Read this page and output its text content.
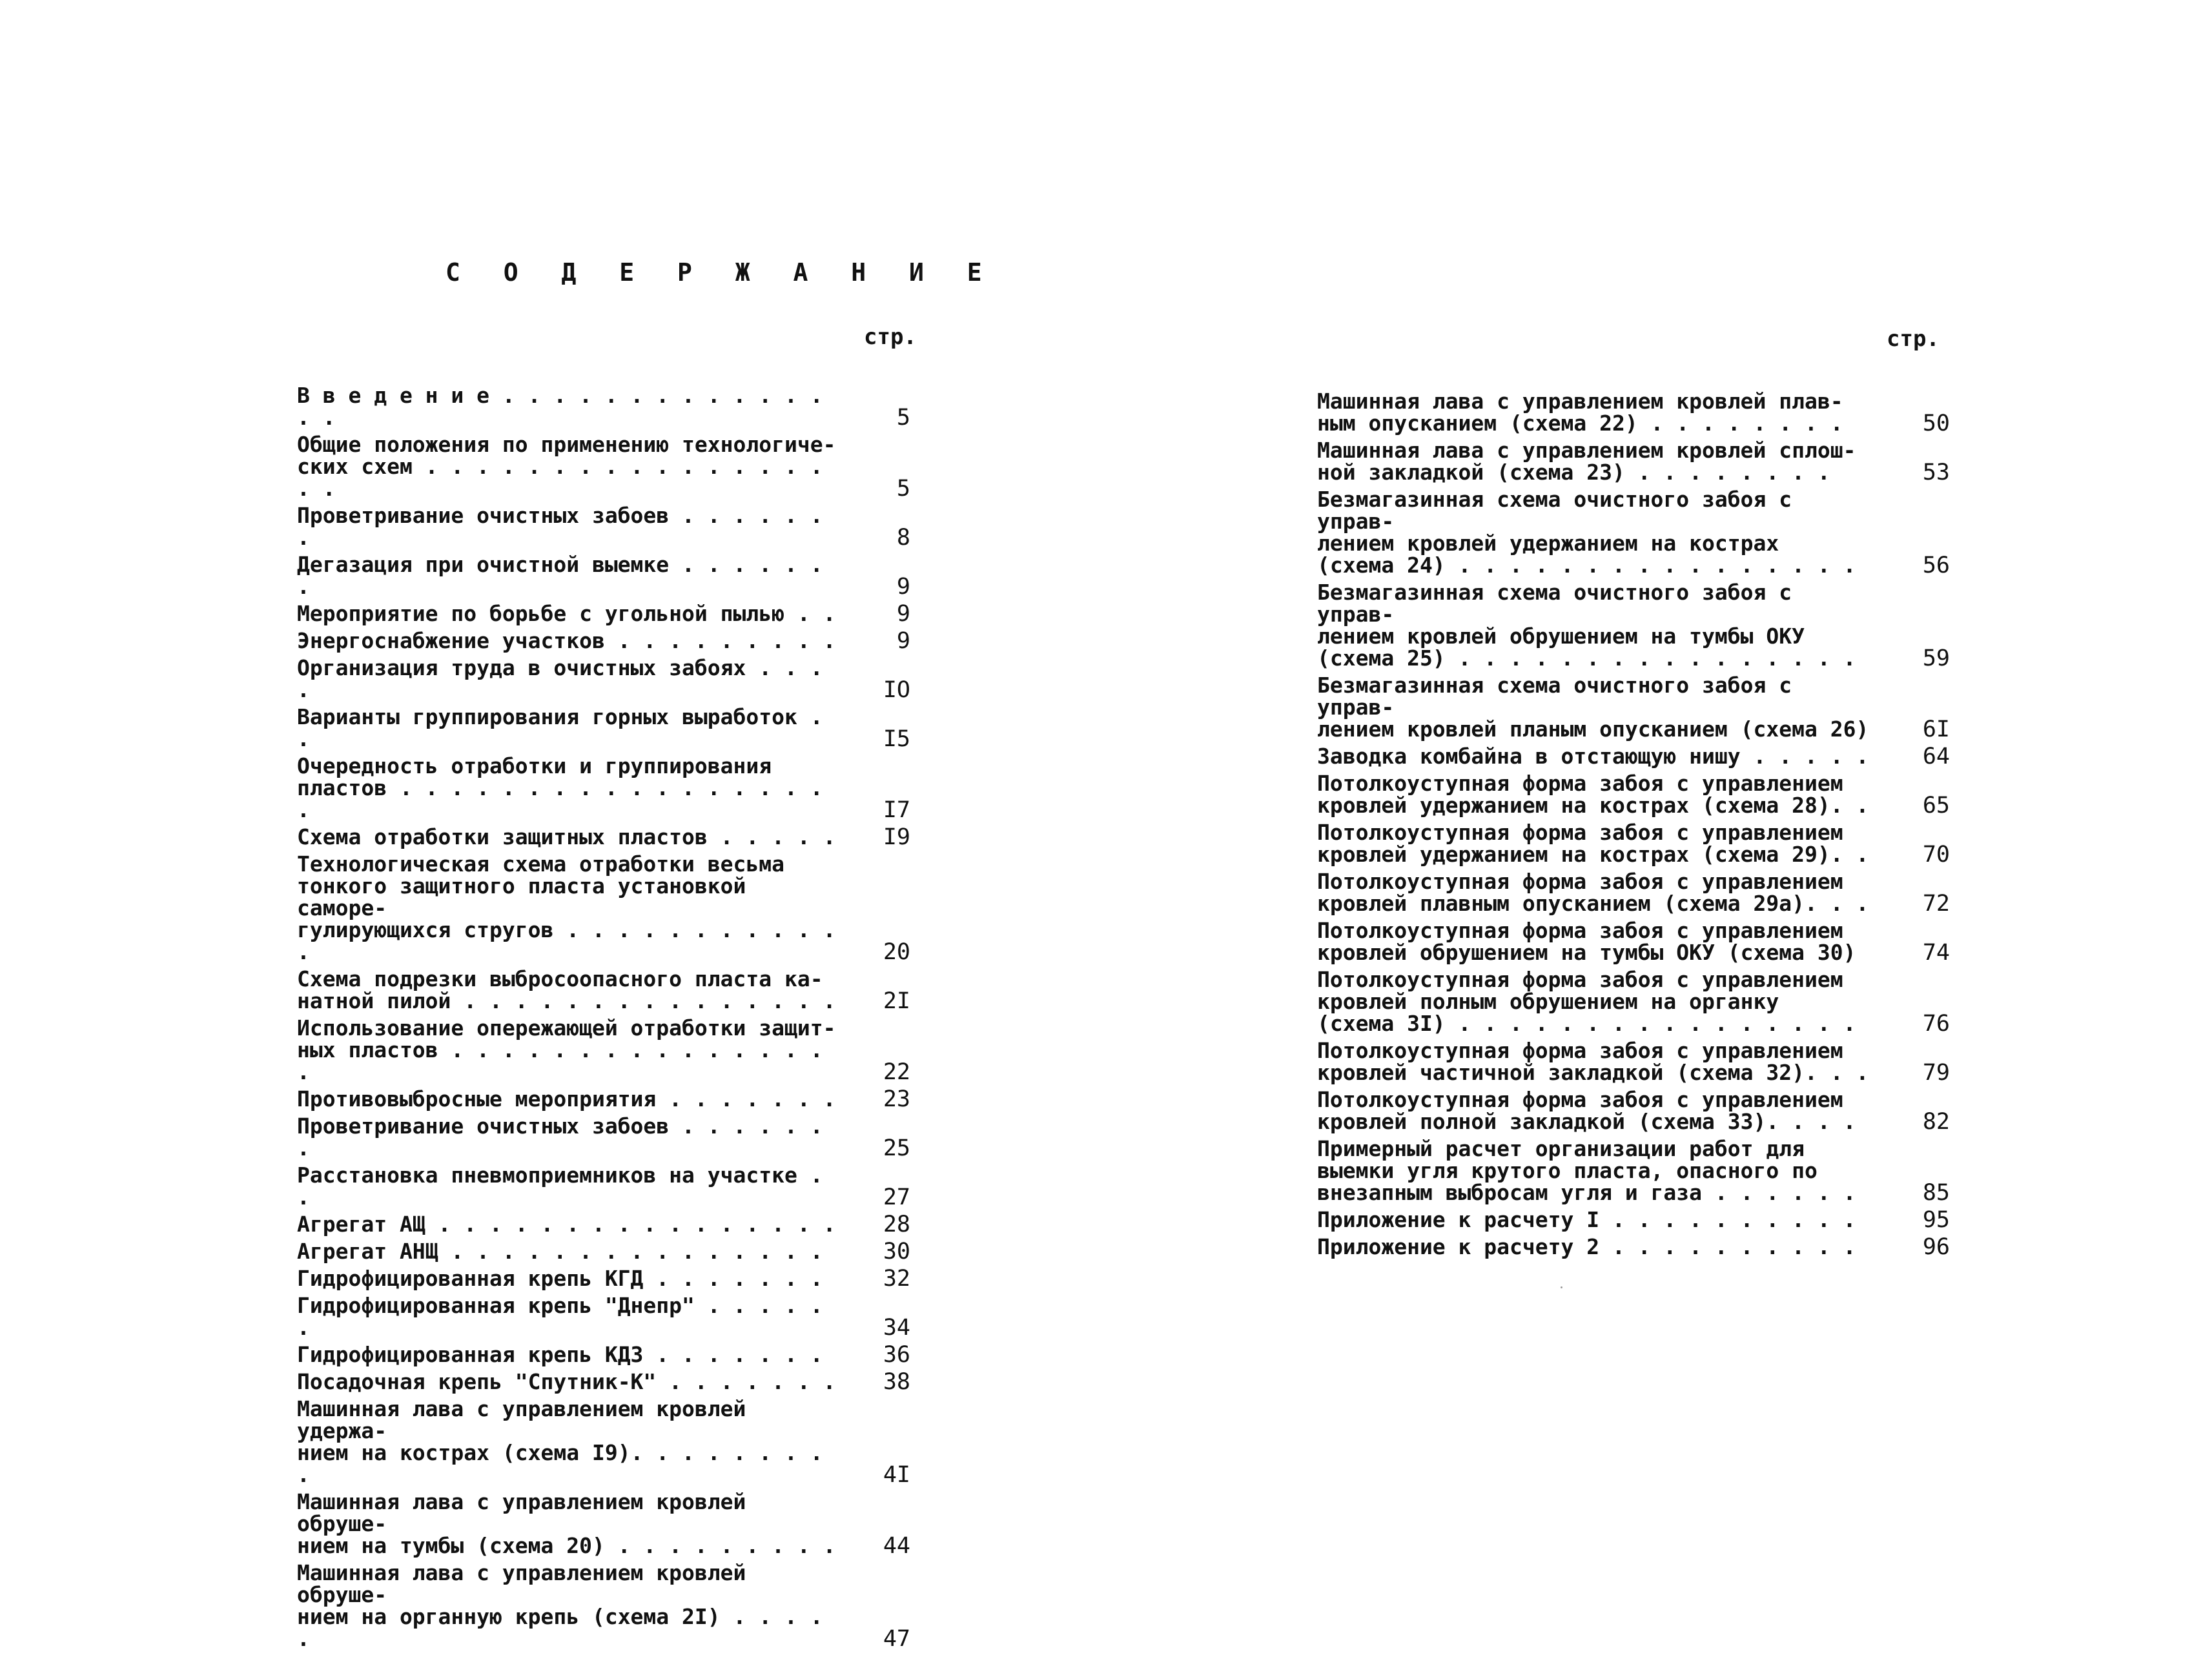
С О Д Е Р Ж А Н И Е
стр.	стр.
В в е д е н и е . . . . . . . . . . . . . . .	5
Общие положения по применению технологиче-
ских схем . . . . . . . . . . . . . . . . . .	5
Проветривание очистных забоев . . . . . . .	8
Дегазация при очистной выемке . . . . . . .	9
Мероприятие по борьбе с угольной пылью . .	9
Энергоснабжение участков . . . . . . . . .	9
Организация труда в очистных забоях . . . .	IO
Варианты группирования горных выработок . .	I5
Очередность отработки и группирования
пластов . . . . . . . . . . . . . . . . . .	I7
Схема отработки защитных пластов . . . . .	I9
Технологическая схема отработки весьма
тонкого защитного пласта установкой саморе-
гулирующихся стругов . . . . . . . . . . . .	20
Схема подрезки выбросоопасного пласта ка-
натной пилой . . . . . . . . . . . . . . .	2I
Использование опережающей отработки защит-
ных пластов . . . . . . . . . . . . . . . .	22
Противовыбросные мероприятия . . . . . . .	23
Проветривание очистных забоев . . . . . . .	25
Расстановка пневмоприемников на участке . .	27
Агрегат АЩ . . . . . . . . . . . . . . . .	28
Агрегат АНЩ . . . . . . . . . . . . . . .	30
Гидрофицированная крепь КГД . . . . . . .	32
Гидрофицированная крепь "Днепр" . . . . . .	34
Гидрофицированная крепь КДЗ . . . . . . .	36
Посадочная крепь "Спутник-К" . . . . . . .	38
Машинная лава с управлением кровлей удержа-
нием на кострах (схема I9). . . . . . . . .	4I
Машинная лава с управлением кровлей обруше-
нием на тумбы (схема 20) . . . . . . . . .	44
Машинная лава с управлением кровлей обруше-
нием на органную крепь (схема 2I) . . . . .	47
Машинная лава с управлением кровлей плав-
ным опусканием (схема 22) . . . . . . . .	50
Машинная лава с управлением кровлей сплош-
ной закладкой (схема 23) . . . . . . . .	53
Безмагазинная схема очистного забоя с управ-
лением кровлей удержанием на кострах
(схема 24) . . . . . . . . . . . . . . . .	56
Безмагазинная схема очистного забоя с управ-
лением кровлей обрушением на тумбы ОКУ
(схема 25) . . . . . . . . . . . . . . . .	59
Безмагазинная схема очистного забоя с управ-
лением кровлей планым опусканием (схема 26)	6I
Заводка комбайна в отстающую нишу . . . . .	64
Потолкоуступная форма забоя с управлением
кровлей удержанием на кострах (схема 28). .	65
Потолкоуступная форма забоя с управлением
кровлей удержанием на кострах (схема 29). .	70
Потолкоуступная форма забоя с управлением
кровлей плавным опусканием (схема 29а). . .	72
Потолкоуступная форма забоя с управлением
кровлей обрушением на тумбы ОКУ (схема 30)	74
Потолкоуступная форма забоя с управлением
кровлей полным обрушением на органку
(схема 3I) . . . . . . . . . . . . . . . .	76
Потолкоуступная форма забоя с управлением
кровлей частичной закладкой (схема 32). . .	79
Потолкоуступная форма забоя с управлением
кровлей полной закладкой (схема 33). . . .	82
Примерный расчет организации работ для
выемки угля крутого пласта, опасного по
внезапным выбросам угля и газа . . . . . .	85
Приложение к расчету I . . . . . . . . . .	95
Приложение к расчету 2 . . . . . . . . . .	96
